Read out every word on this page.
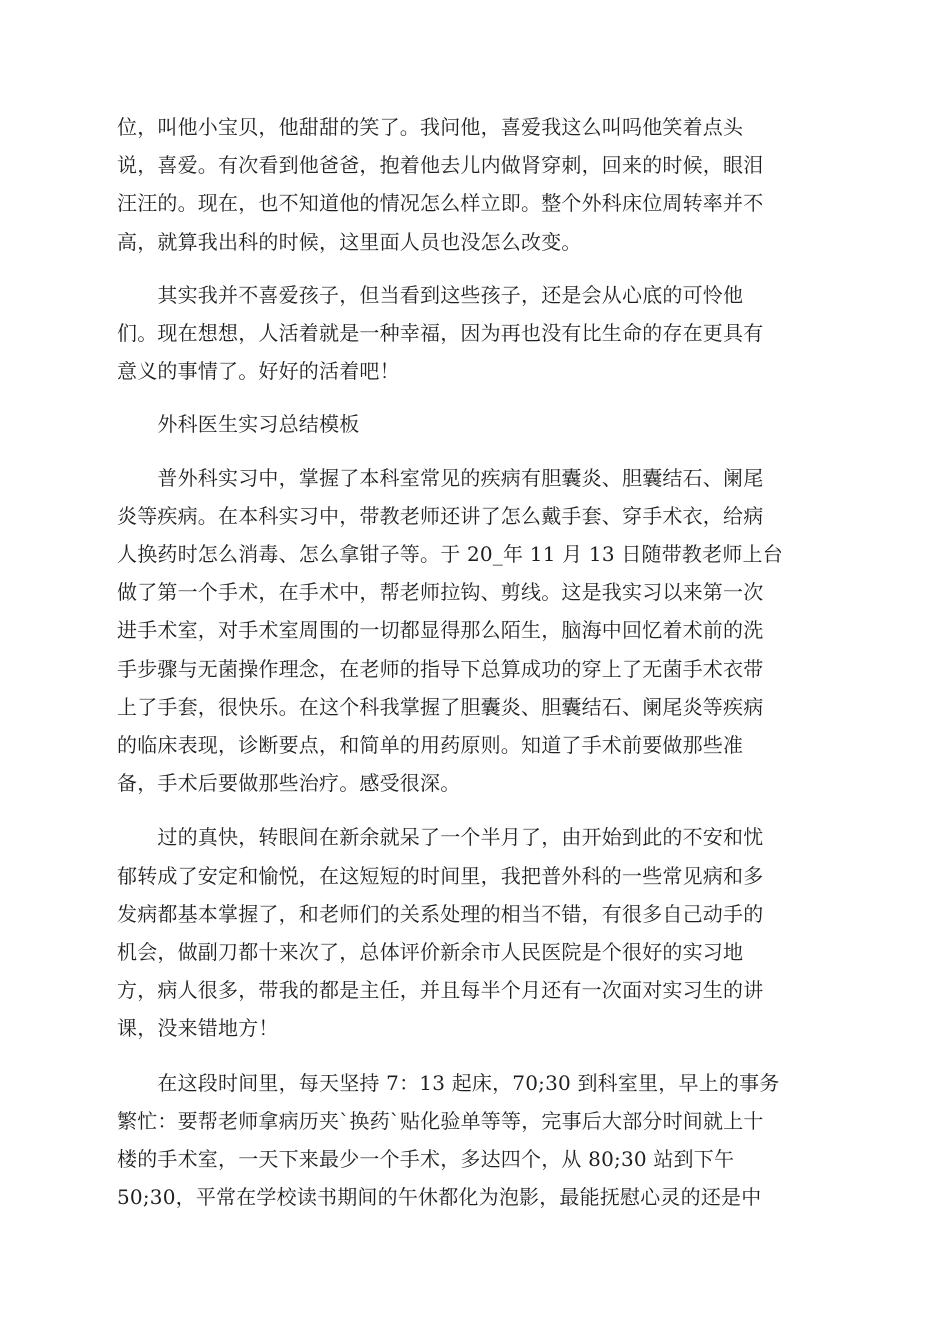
位，叫他小宝贝，他甜甜的笑了。我问他，喜爱我这么叫吗他笑着点头
说，喜爱。有次看到他爸爸，抱着他去儿内做肾穿刺，回来的时候，眼泪
汪汪的。现在，也不知道他的情况怎么样立即。整个外科床位周转率并不
高，就算我出科的时候，这里面人员也没怎么改变。
　　其实我并不喜爱孩子，但当看到这些孩子，还是会从心底的可怜他
们。现在想想，人活着就是一种幸福，因为再也没有比生命的存在更具有
意义的事情了。好好的活着吧！
　　外科医生实习总结模板
　　普外科实习中，掌握了本科室常见的疾病有胆囊炎、胆囊结石、阑尾
炎等疾病。在本科实习中，带教老师还讲了怎么戴手套、穿手术衣，给病
人换药时怎么消毒、怎么拿钳子等。于 20_年 11 月 13 日随带教老师上台
做了第一个手术，在手术中，帮老师拉钩、剪线。这是我实习以来第一次
进手术室，对手术室周围的一切都显得那么陌生，脑海中回忆着术前的洗
手步骤与无菌操作理念，在老师的指导下总算成功的穿上了无菌手术衣带
上了手套，很快乐。在这个科我掌握了胆囊炎、胆囊结石、阑尾炎等疾病
的临床表现，诊断要点，和简单的用药原则。知道了手术前要做那些准
备，手术后要做那些治疗。感受很深。
　　过的真快，转眼间在新余就呆了一个半月了，由开始到此的不安和忧
郁转成了安定和愉悦，在这短短的时间里，我把普外科的一些常见病和多
发病都基本掌握了，和老师们的关系处理的相当不错，有很多自己动手的
机会，做副刀都十来次了，总体评价新余市人民医院是个很好的实习地
方，病人很多，带我的都是主任，并且每半个月还有一次面对实习生的讲
课，没来错地方！
　　在这段时间里，每天坚持 7：13 起床，70;30 到科室里，早上的事务
繁忙：要帮老师拿病历夹`换药`贴化验单等等，完事后大部分时间就上十
楼的手术室，一天下来最少一个手术，多达四个，从 80;30 站到下午
50;30，平常在学校读书期间的午休都化为泡影，最能抚慰心灵的还是中
